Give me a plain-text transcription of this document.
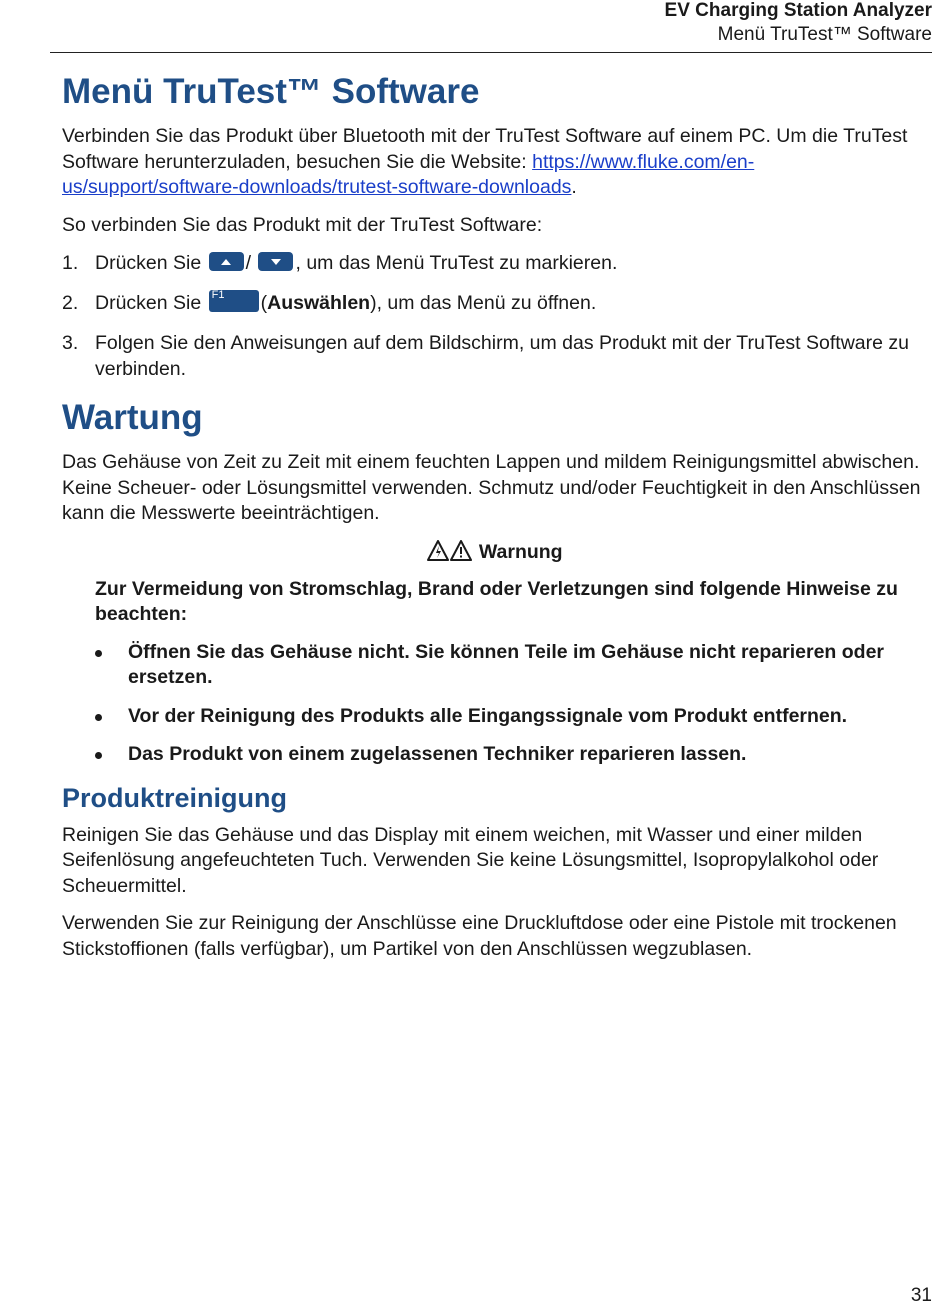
EV Charging Station Analyzer
Menü TruTest™ Software
Menü TruTest™ Software

Verbinden Sie das Produkt über Bluetooth mit der TruTest Software auf einem PC. Um die TruTest Software herunterzuladen, besuchen Sie die Website: https://www.fluke.com/en-us/support/software-downloads/trutest-software-downloads.

So verbinden Sie das Produkt mit der TruTest Software:

1. Drücken Sie / , um das Menü TruTest zu markieren.
2. Drücken Sie F1 (Auswählen), um das Menü zu öffnen.
3. Folgen Sie den Anweisungen auf dem Bildschirm, um das Produkt mit der TruTest Software zu verbinden.
Wartung

Das Gehäuse von Zeit zu Zeit mit einem feuchten Lappen und mildem Reinigungsmittel abwischen. Keine Scheuer- oder Lösungsmittel verwenden. Schmutz und/oder Feuchtigkeit in den Anschlüssen kann die Messwerte beeinträchtigen.

Warnung

Zur Vermeidung von Stromschlag, Brand oder Verletzungen sind folgende Hinweise zu beachten:

Öffnen Sie das Gehäuse nicht. Sie können Teile im Gehäuse nicht reparieren oder ersetzen.
Vor der Reinigung des Produkts alle Eingangssignale vom Produkt entfernen.
Das Produkt von einem zugelassenen Techniker reparieren lassen.
Produktreinigung

Reinigen Sie das Gehäuse und das Display mit einem weichen, mit Wasser und einer milden Seifenlösung angefeuchteten Tuch. Verwenden Sie keine Lösungsmittel, Isopropylalkohol oder Scheuermittel.

Verwenden Sie zur Reinigung der Anschlüsse eine Druckluftdose oder eine Pistole mit trockenen Stickstoffionen (falls verfügbar), um Partikel von den Anschlüssen wegzublasen.

31
